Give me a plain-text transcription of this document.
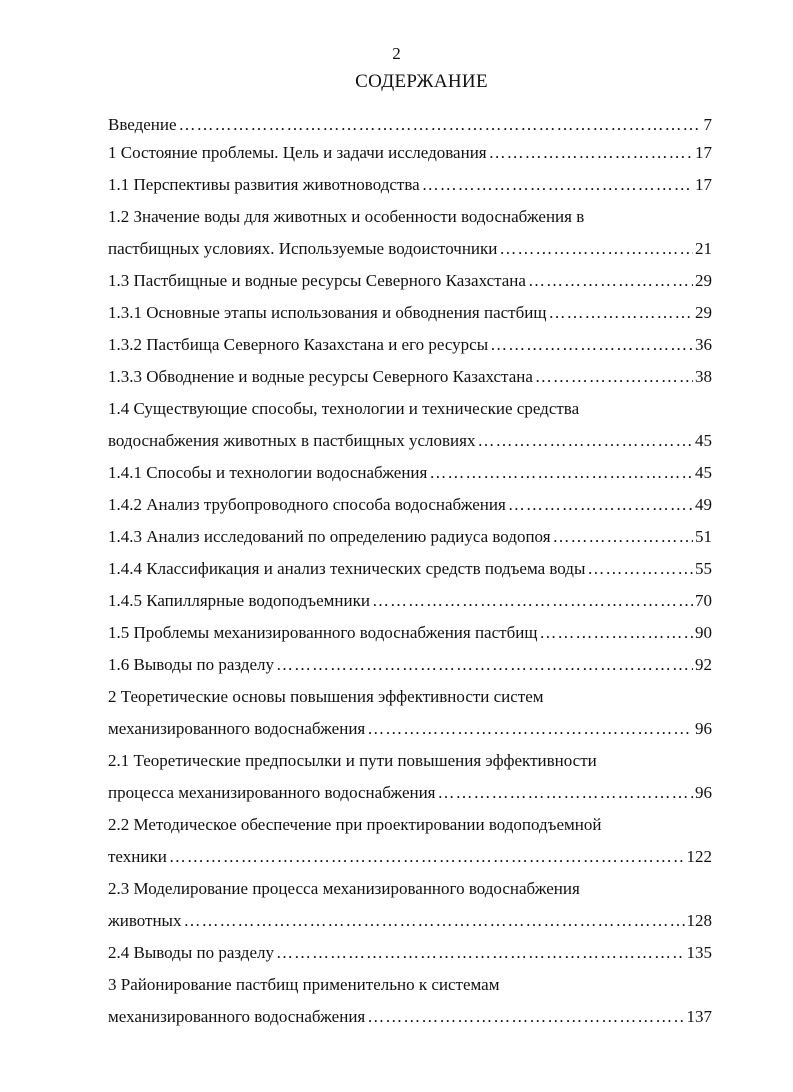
2
СОДЕРЖАНИЕ
Введение …………………………………………………………………………………………………………………………	7
1 Состояние проблемы. Цель и задачи исследования …………………………………………………………………………………………………………………………	17
1.1 Перспективы развития животноводства …………………………………………………………………………………………………………………………	17
1.2 Значение воды для животных и особенности водоснабжения в
пастбищных условиях. Используемые водоисточники …………………………………………………………………………………………………………………………	21
1.3 Пастбищные и водные ресурсы Северного Казахстана …………………………………………………………………………………………………………………………	29
1.3.1 Основные этапы использования и обводнения пастбищ …………………………………………………………………………………………………………………………	29
1.3.2 Пастбища Северного Казахстана и его ресурсы …………………………………………………………………………………………………………………………	36
1.3.3 Обводнение и водные ресурсы Северного Казахстана …………………………………………………………………………………………………………………………	38
1.4 Существующие способы, технологии и технические средства
водоснабжения животных в пастбищных условиях …………………………………………………………………………………………………………………………	45
1.4.1 Способы и технологии водоснабжения …………………………………………………………………………………………………………………………	45
1.4.2 Анализ трубопроводного способа водоснабжения …………………………………………………………………………………………………………………………	49
1.4.3 Анализ исследований по определению радиуса водопоя …………………………………………………………………………………………………………………………	51
1.4.4 Классификация и анализ технических средств подъема воды …………………………………………………………………………………………………………………………	55
1.4.5 Капиллярные водоподъемники …………………………………………………………………………………………………………………………	70
1.5 Проблемы механизированного водоснабжения пастбищ …………………………………………………………………………………………………………………………	90
1.6 Выводы по разделу …………………………………………………………………………………………………………………………	92
2 Теоретические основы повышения эффективности систем
механизированного водоснабжения …………………………………………………………………………………………………………………………	96
2.1 Теоретические предпосылки и пути повышения эффективности
процесса механизированного водоснабжения …………………………………………………………………………………………………………………………	96
2.2 Методическое обеспечение при проектировании водоподъемной
техники …………………………………………………………………………………………………………………………	122
2.3 Моделирование процесса механизированного водоснабжения
животных …………………………………………………………………………………………………………………………	128
2.4 Выводы по разделу …………………………………………………………………………………………………………………………	135
3 Районирование пастбищ применительно к системам
механизированного водоснабжения …………………………………………………………………………………………………………………………	137
